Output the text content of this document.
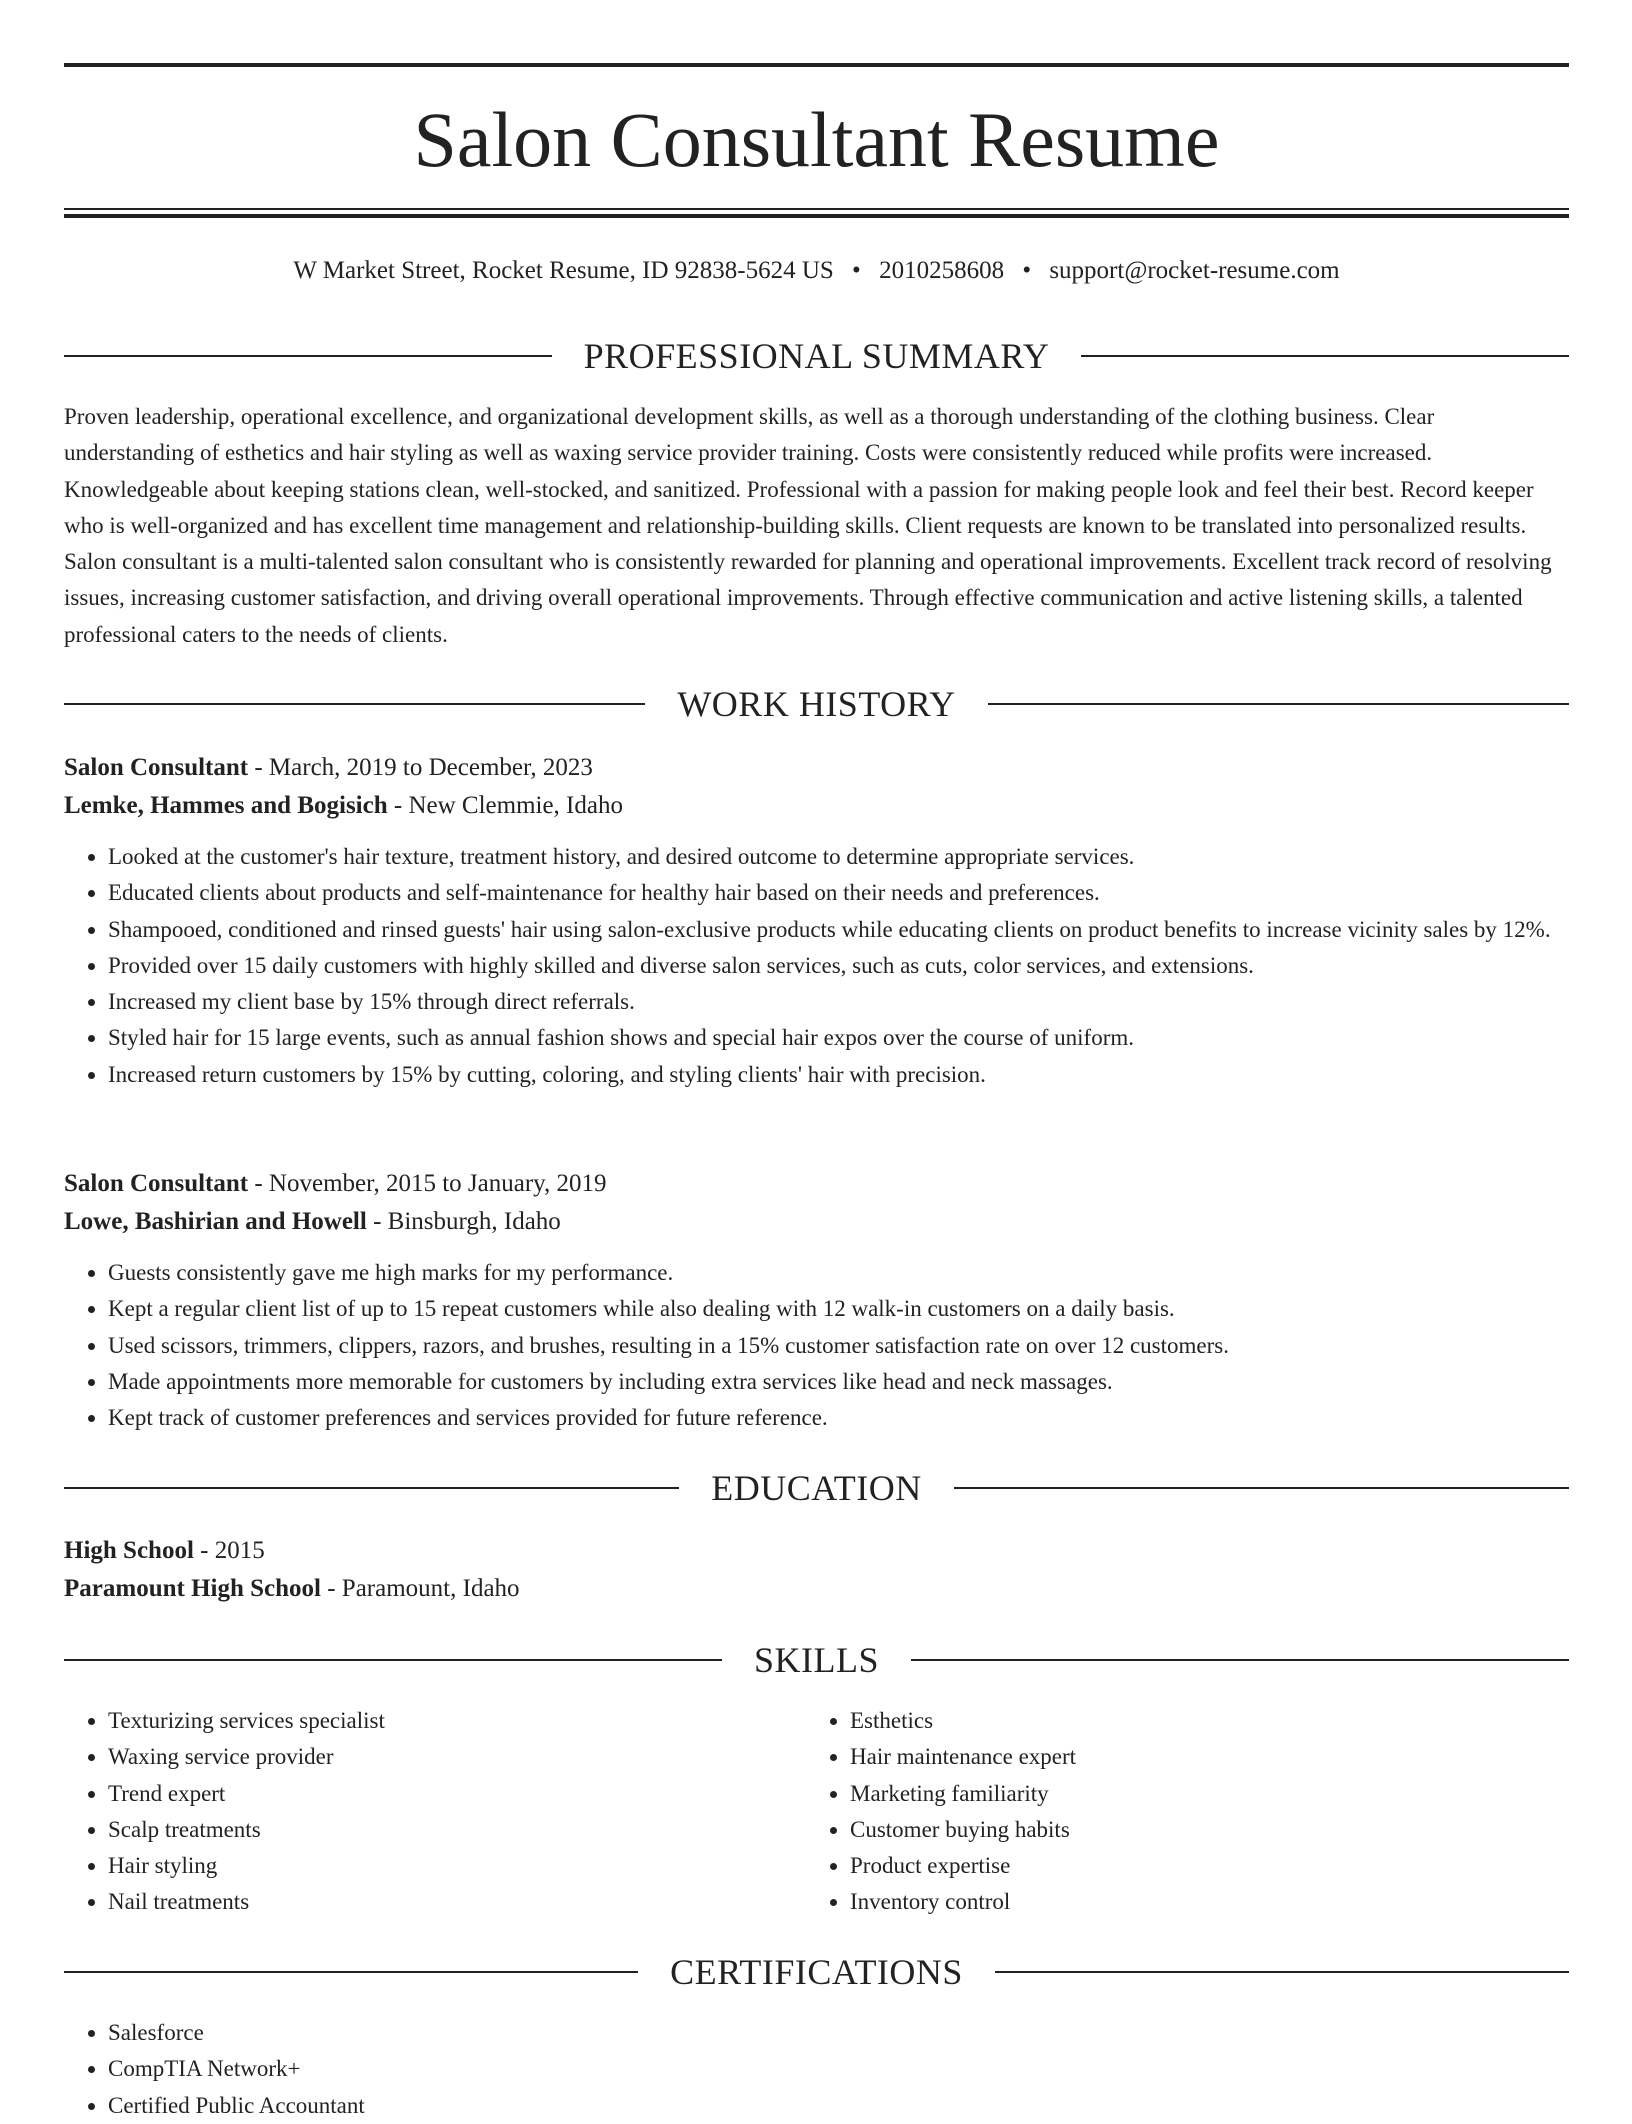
Salon Consultant Resume
W Market Street, Rocket Resume, ID 92838-5624 US • 2010258608 • support@rocket-resume.com
PROFESSIONAL SUMMARY
Proven leadership, operational excellence, and organizational development skills, as well as a thorough understanding of the clothing business. Clear understanding of esthetics and hair styling as well as waxing service provider training. Costs were consistently reduced while profits were increased. Knowledgeable about keeping stations clean, well-stocked, and sanitized. Professional with a passion for making people look and feel their best. Record keeper who is well-organized and has excellent time management and relationship-building skills. Client requests are known to be translated into personalized results. Salon consultant is a multi-talented salon consultant who is consistently rewarded for planning and operational improvements. Excellent track record of resolving issues, increasing customer satisfaction, and driving overall operational improvements. Through effective communication and active listening skills, a talented professional caters to the needs of clients.
WORK HISTORY
Salon Consultant - March, 2019 to December, 2023
Lemke, Hammes and Bogisich - New Clemmie, Idaho
• Looked at the customer's hair texture, treatment history, and desired outcome to determine appropriate services.
• Educated clients about products and self-maintenance for healthy hair based on their needs and preferences.
• Shampooed, conditioned and rinsed guests' hair using salon-exclusive products while educating clients on product benefits to increase vicinity sales by 12%.
• Provided over 15 daily customers with highly skilled and diverse salon services, such as cuts, color services, and extensions.
• Increased my client base by 15% through direct referrals.
• Styled hair for 15 large events, such as annual fashion shows and special hair expos over the course of uniform.
• Increased return customers by 15% by cutting, coloring, and styling clients' hair with precision.
Salon Consultant - November, 2015 to January, 2019
Lowe, Bashirian and Howell - Binsburgh, Idaho
• Guests consistently gave me high marks for my performance.
• Kept a regular client list of up to 15 repeat customers while also dealing with 12 walk-in customers on a daily basis.
• Used scissors, trimmers, clippers, razors, and brushes, resulting in a 15% customer satisfaction rate on over 12 customers.
• Made appointments more memorable for customers by including extra services like head and neck massages.
• Kept track of customer preferences and services provided for future reference.
EDUCATION
High School - 2015
Paramount High School - Paramount, Idaho
SKILLS
• Texturizing services specialist
• Waxing service provider
• Trend expert
• Scalp treatments
• Hair styling
• Nail treatments
• Esthetics
• Hair maintenance expert
• Marketing familiarity
• Customer buying habits
• Product expertise
• Inventory control
CERTIFICATIONS
• Salesforce
• CompTIA Network+
• Certified Public Accountant
